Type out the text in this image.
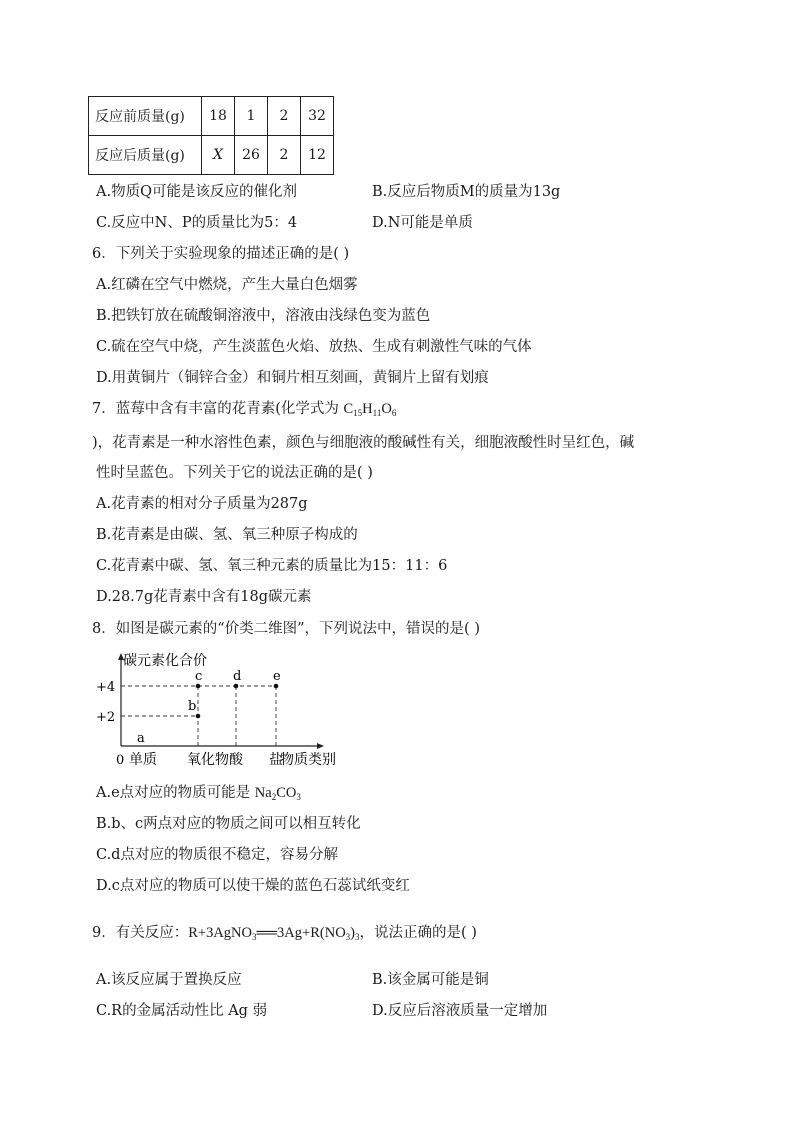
反应前质量(g)	18	1	2	32
反应后质量(g)	X	26	2	12
A.物质Q可能是该反应的催化剂	B.反应后物质M的质量为13g
C.反应中N、P的质量比为5：4	D.N可能是单质
6．下列关于实验现象的描述正确的是( )
A.红磷在空气中燃烧，产生大量白色烟雾
B.把铁钉放在硫酸铜溶液中，溶液由浅绿色变为蓝色
C.硫在空气中烧，产生淡蓝色火焰、放热、生成有刺激性气味的气体
D.用黄铜片（铜锌合金）和铜片相互刻画，黄铜片上留有划痕
7．蓝莓中含有丰富的花青素(化学式为 $C_{15}H_{11}O_6$
)，花青素是一种水溶性色素，颜色与细胞液的酸碱性有关，细胞液酸性时呈红色，碱
性时呈蓝色。下列关于它的说法正确的是( )
A.花青素的相对分子质量为287g
B.花青素是由碳、氢、氧三种原子构成的
C.花青素中碳、氢、氧三种元素的质量比为15：11：6
D.28.7g花青素中含有18g碳元素
8．如图是碳元素的“价类二维图”，下列说法中，错误的是( )
a
b
c d e
碳元素化合价
物质类别
0
+2
+4
单质 氧化物 酸 盐
A.e点对应的物质可能是 $Na_2CO_3$
B.b、c两点对应的物质之间可以相互转化
C.d点对应的物质很不稳定，容易分解
D.c点对应的物质可以使干燥的蓝色石蕊试纸变红
9．有关反应：$R+3AgNO_3══3Ag+R(NO_3)_3$，说法正确的是( )
A.该反应属于置换反应	B.该金属可能是铜
C.R的金属活动性比 Ag 弱	D.反应后溶液质量一定增加
